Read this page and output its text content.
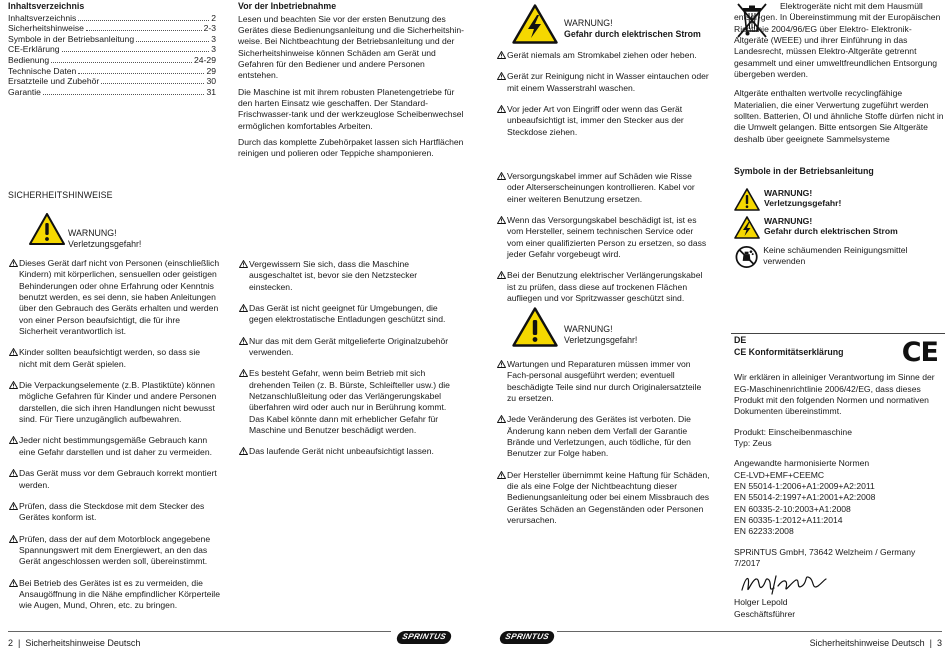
Inhaltsverzeichnis
Inhaltsverzeichnis	2
Sicherheitshinweise	2-3
Symbole in der Betriebsanleitung	3
CE-Erklärung	3
Bedienung	24-29
Technische Daten	29
Ersatzteile und Zubehör	30
Garantie	31
SICHERHEITSHINWEISE
WARNUNG!
Verletzungsgefahr!
Dieses Gerät darf nicht von Personen (einschließlich Kindern) mit körperlichen, sensuellen oder geistigen Behinderungen oder ohne Erfahrung oder Kenntnis benutzt werden, es sei denn, sie haben Anleitungen über den Gebrauch des Geräts erhalten und werden von einer Person beaufsichtigt, die für ihre Sicherheit verantwortlich ist.
Kinder sollten beaufsichtigt werden, so dass sie nicht mit dem Gerät spielen.
Die Verpackungselemente (z.B. Plastiktüte) können mögliche Gefahren für Kinder und andere Personen darstellen, die sich ihren Handlungen nicht bewusst sind. Für Tiere unzugänglich aufbewahren.
Jeder nicht bestimmungsgemäße Gebrauch kann eine Gefahr darstellen und ist daher zu vermeiden.
Das Gerät muss vor dem Gebrauch korrekt montiert werden.
Prüfen, dass die Steckdose mit dem Stecker des Gerätes konform ist.
Prüfen, dass der auf dem Motorblock angegebene Spannungswert mit dem Energiewert, an den das Gerät angeschlossen werden soll, übereinstimmt.
Bei Betrieb des Gerätes ist es zu vermeiden, die Ansaugöffnung in die Nähe empfindlicher Körperteile wie Augen, Mund, Ohren, etc. zu bringen.
Vor der Inbetriebnahme

Lesen und beachten Sie vor der ersten Benutzung des Gerätes diese Bedienungsanleitung und die Sicherheitshin-weise. Bei Nichtbeachtung der Betriebsanleitung und der Sicherheitshinweise können Schäden am Gerät und Gefahren für den Bediener und andere Personen entstehen.

Die Maschine ist mit ihrem robusten Planetengetriebe für den harten Einsatz wie geschaffen. Der Standard-Frischwasser-tank und der werkzeuglose Scheibenwechsel ermöglichen komfortables Arbeiten.

Durch das komplette Zubehörpaket lassen sich Hartflächen reinigen und polieren oder Teppiche shamponieren.

Vergewissern Sie sich, dass die Maschine ausgeschaltet ist, bevor sie den Netzstecker einstecken.
Das Gerät ist nicht geeignet für Umgebungen, die gegen elektrostatische Entladungen geschützt sind.
Nur das mit dem Gerät mitgelieferte Originalzubehör verwenden.
Es besteht Gefahr, wenn beim Betrieb mit sich drehenden Teilen (z. B. Bürste, Schleifteller usw.) die Netzanschlußleitung oder das Verlängerungskabel überfahren wird oder auch nur in Berührung kommt. Das Kabel könnte dann mit erheblicher Gefahr für Maschine und Benutzer beschädigt werden.
Das laufende Gerät nicht unbeaufsichtigt lassen.
WARNUNG!
Gefahr durch elektrischen Strom
Gerät niemals am Stromkabel ziehen oder heben.
Gerät zur Reinigung nicht in Wasser eintauchen oder mit einem Wasserstrahl waschen.
Vor jeder Art von Eingriff oder wenn das Gerät unbeaufsichtigt ist, immer den Stecker aus der Steckdose ziehen.
Versorgungskabel immer auf Schäden wie Risse oder Alterserscheinungen kontrollieren. Kabel vor einer weiteren Benutzung ersetzen.
Wenn das Versorgungskabel beschädigt ist, ist es vom Hersteller, seinem technischen Service oder vom einer qualifizierten Person zu ersetzen, so dass jeder Gefahr vorgebeugt wird.
Bei der Benutzung elektrischer Verlängerungskabel ist zu prüfen, dass diese auf trockenen Flächen aufliegen und vor Spritzwasser geschützt sind.
WARNUNG!
Verletzungsgefahr!
Wartungen und Reparaturen müssen immer von Fach-personal ausgeführt werden; eventuell beschädigte Teile sind nur durch Originalersatzteile zu ersetzen.
Jede Veränderung des Gerätes ist verboten. Die Änderung kann neben dem Verfall der Garantie Brände und Verletzungen, auch tödliche, für den Benutzer zur Folge haben.
Der Hersteller übernimmt keine Haftung für Schäden, die als eine Folge der Nichtbeachtung dieser Bedienungsanleitung oder bei einem Missbrauch des Gerätes Schäden an Gegenständen oder Personen verursachen.

Elektrogeräte nicht mit dem Hausmüll entsor-gen. In Übereinstimmung mit der Europäischen Richtlinie 2004/96/EG über Elektro- Elektronik-Altgeräte (WEEE) und ihrer Einführung in das Landesrecht, müssen Elektro-Altgeräte getrennt gesammelt und einer umweltfreundlichen Entsorgung übergeben werden.

Altgeräte enthalten wertvolle recyclingfähige Materialien, die einer Verwertung zugeführt werden sollten. Batterien, Öl und ähnliche Stoffe dürfen nicht in die Umwelt gelangen. Bitte entsorgen Sie Altgeräte deshalb über geeignete Sammelsysteme

Symbole in der Betriebsanleitung
WARNUNG!
Verletzungsgefahr!
WARNUNG!
Gefahr durch elektrischen Strom
Keine schäumenden Reinigungsmittel verwenden
DE
CE Konformitätserklärung	CE

Wir erklären in alleiniger Verantwortung im Sinne der EG-Maschinenrichtlinie 2006/42/EG, dass dieses Produkt mit den folgenden Normen und normativen Dokumenten übereinstimmt.

Produkt: Einscheibenmaschine

Typ: Zeus

Angewandte harmonisierte Normen

CE-LVD+EMF+CEEMC
EN 55014-1:2006+A1:2009+A2:2011
EN 55014-2:1997+A1:2001+A2:2008
EN 60335-2-10:2003+A1:2008
EN 60335-1:2012+A11:2014
EN 62233:2008

SPRiNTUS GmbH, 73642 Welzheim / Germany

7/2017

Holger Lepold

Geschäftsführer

2 | Sicherheitshinweise Deutsch	Sicherheitshinweise Deutsch | 3
SPRINTUS	SPRINTUS
